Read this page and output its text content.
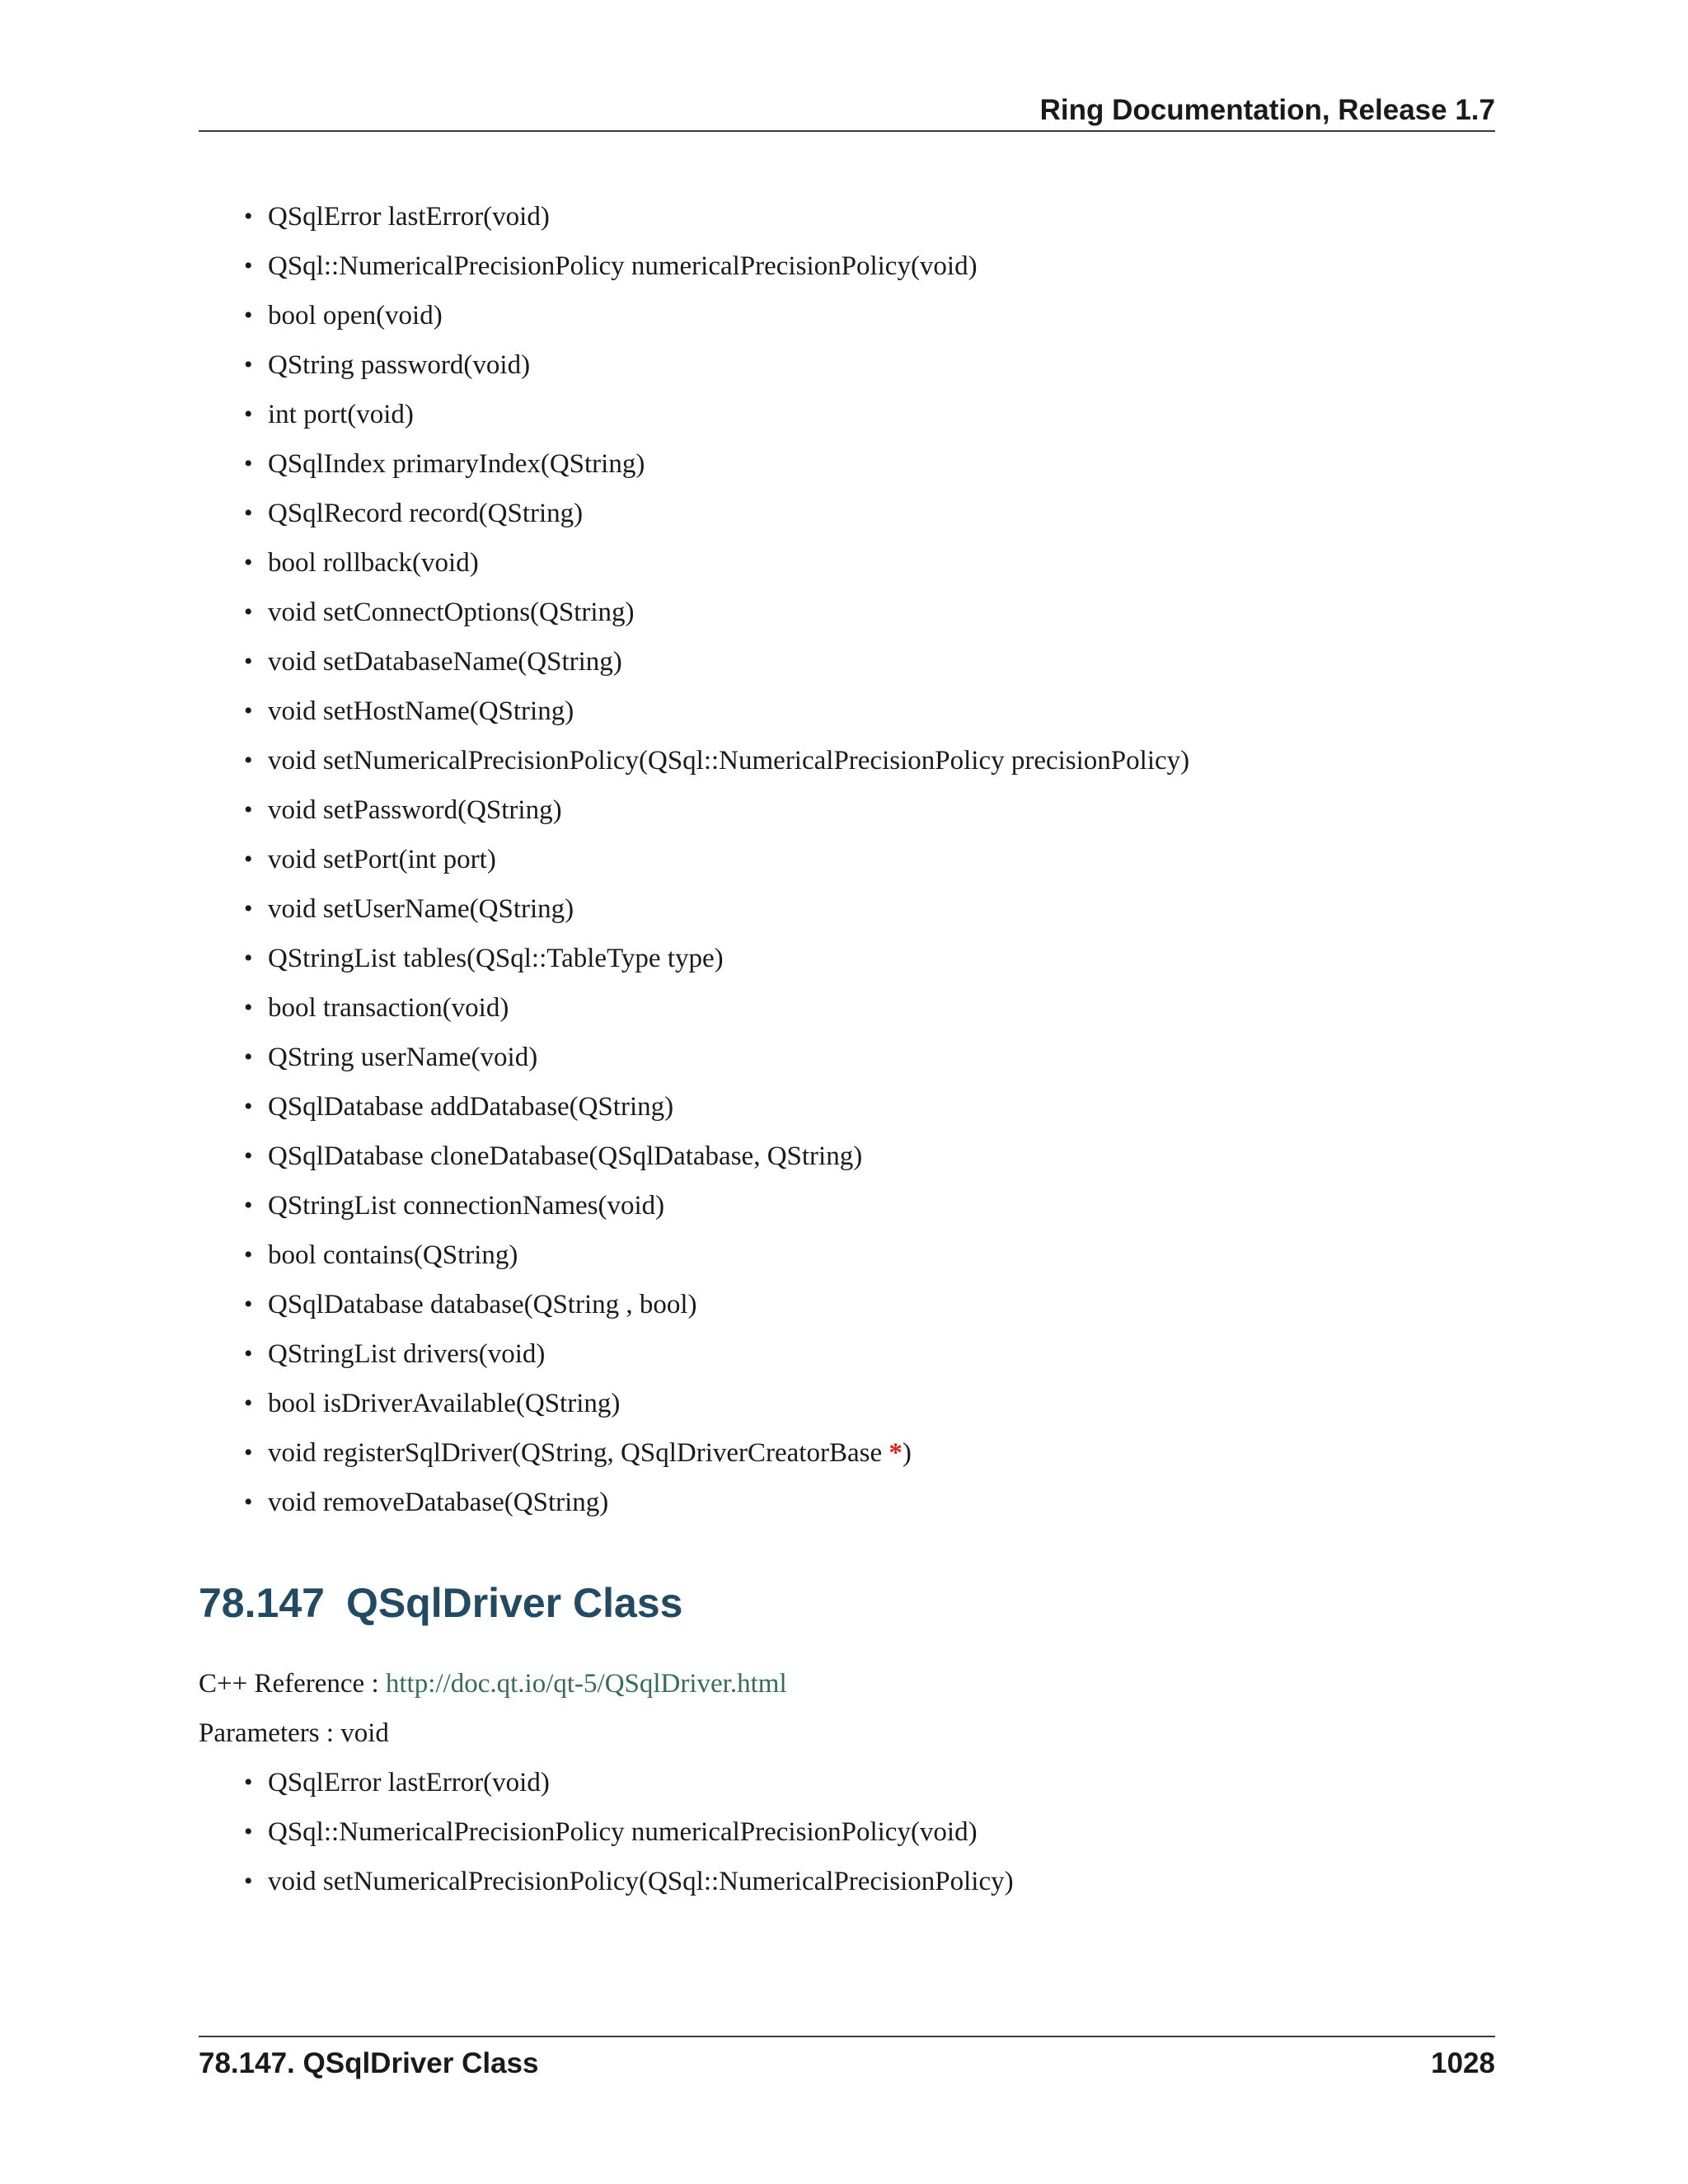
Ring Documentation, Release 1.7
• QSqlError lastError(void)
• QSql::NumericalPrecisionPolicy numericalPrecisionPolicy(void)
• bool open(void)
• QString password(void)
• int port(void)
• QSqlIndex primaryIndex(QString)
• QSqlRecord record(QString)
• bool rollback(void)
• void setConnectOptions(QString)
• void setDatabaseName(QString)
• void setHostName(QString)
• void setNumericalPrecisionPolicy(QSql::NumericalPrecisionPolicy precisionPolicy)
• void setPassword(QString)
• void setPort(int port)
• void setUserName(QString)
• QStringList tables(QSql::TableType type)
• bool transaction(void)
• QString userName(void)
• QSqlDatabase addDatabase(QString)
• QSqlDatabase cloneDatabase(QSqlDatabase, QString)
• QStringList connectionNames(void)
• bool contains(QString)
• QSqlDatabase database(QString , bool)
• QStringList drivers(void)
• bool isDriverAvailable(QString)
• void registerSqlDriver(QString, QSqlDriverCreatorBase *)
• void removeDatabase(QString)
78.147 QSqlDriver Class
C++ Reference : http://doc.qt.io/qt-5/QSqlDriver.html
Parameters : void
• QSqlError lastError(void)
• QSql::NumericalPrecisionPolicy numericalPrecisionPolicy(void)
• void setNumericalPrecisionPolicy(QSql::NumericalPrecisionPolicy)
78.147. QSqlDriver Class	1028
